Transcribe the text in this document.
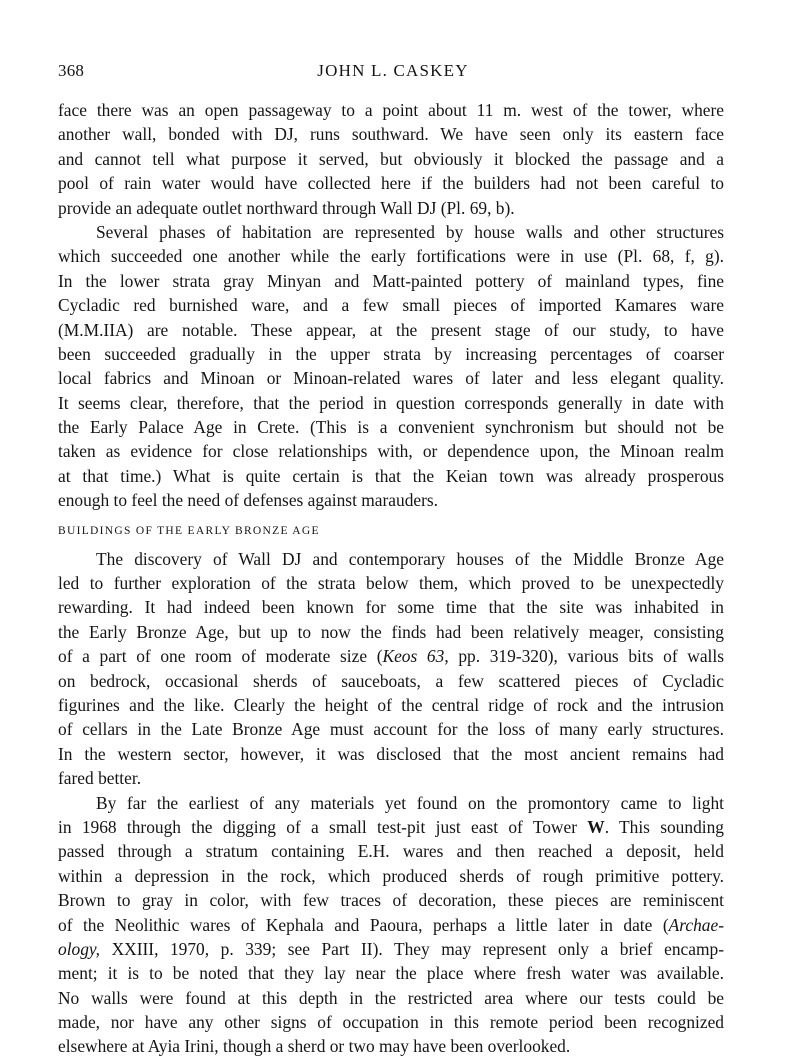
368	JOHN L. CASKEY
face there was an open passageway to a point about 11 m. west of the tower, where
another wall, bonded with DJ, runs southward. We have seen only its eastern face
and cannot tell what purpose it served, but obviously it blocked the passage and a
pool of rain water would have collected here if the builders had not been careful to
provide an adequate outlet northward through Wall DJ (Pl. 69, b).
Several phases of habitation are represented by house walls and other structures
which succeeded one another while the early fortifications were in use (Pl. 68, f, g).
In the lower strata gray Minyan and Matt-painted pottery of mainland types, fine
Cycladic red burnished ware, and a few small pieces of imported Kamares ware
(M.M.IIA) are notable. These appear, at the present stage of our study, to have
been succeeded gradually in the upper strata by increasing percentages of coarser
local fabrics and Minoan or Minoan-related wares of later and less elegant quality.
It seems clear, therefore, that the period in question corresponds generally in date with
the Early Palace Age in Crete. (This is a convenient synchronism but should not be
taken as evidence for close relationships with, or dependence upon, the Minoan realm
at that time.) What is quite certain is that the Keian town was already prosperous
enough to feel the need of defenses against marauders.
BUILDINGS OF THE EARLY BRONZE AGE
The discovery of Wall DJ and contemporary houses of the Middle Bronze Age
led to further exploration of the strata below them, which proved to be unexpectedly
rewarding. It had indeed been known for some time that the site was inhabited in
the Early Bronze Age, but up to now the finds had been relatively meager, consisting
of a part of one room of moderate size (Keos 63, pp. 319-320), various bits of walls
on bedrock, occasional sherds of sauceboats, a few scattered pieces of Cycladic
figurines and the like. Clearly the height of the central ridge of rock and the intrusion
of cellars in the Late Bronze Age must account for the loss of many early structures.
In the western sector, however, it was disclosed that the most ancient remains had
fared better.
By far the earliest of any materials yet found on the promontory came to light
in 1968 through the digging of a small test-pit just east of Tower W. This sounding
passed through a stratum containing E.H. wares and then reached a deposit, held
within a depression in the rock, which produced sherds of rough primitive pottery.
Brown to gray in color, with few traces of decoration, these pieces are reminiscent
of the Neolithic wares of Kephala and Paoura, perhaps a little later in date (Archae-
ology, XXIII, 1970, p. 339; see Part II). They may represent only a brief encamp-
ment; it is to be noted that they lay near the place where fresh water was available.
No walls were found at this depth in the restricted area where our tests could be
made, nor have any other signs of occupation in this remote period been recognized
elsewhere at Ayia Irini, though a sherd or two may have been overlooked.
